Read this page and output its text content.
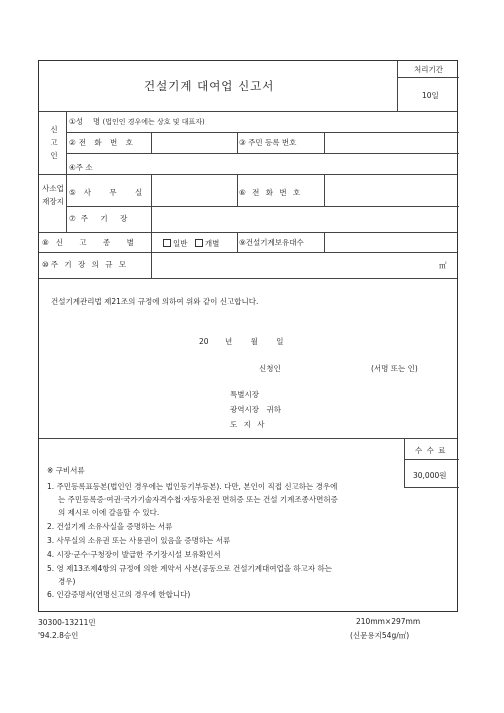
건설기계 대여업 신고서
처리기간
10일
신고인
①성　 명 (법인인 경우에는 상호 및 대표자)
②전 화 번 호	③ 주민 등록 번호
④주 소
사소업재장지
⑤사 무 실	⑥ 전 화 번 호
⑦주 기 장
⑧신 고 종 별	일반 개별	⑨건설기계보유대수
⑩주 기 장 의 규 모	㎡
건설기계관리법 제21조의 규정에 의하여 위와 같이 신고합니다.
20 년 월 일
신청인	(서명 또는 인)
특별시장
광역시장　귀하
도 지 사
수 수 료
30,000원
※ 구비서류
1. 주민등록표등본(법인인 경우에는 법인등기부등본). 다만, 본인이 직접 신고하는 경우에
는 주민등록증·여권·국가기술자격수첩·자동차운전 면허증 또는 건설 기계조종사면허증
의 제시로 이에 갈음할 수 있다.
2. 건설기계 소유사실을 증명하는 서류
3. 사무실의 소유권 또는 사용권이 있음을 증명하는 서류
4. 시장·군수·구청장이 발급한 주기장시설 보유확인서
5. 영 제13조제4항의 규정에 의한 계약서 사본(공동으로 건설기계대여업을 하고자 하는
경우)
6. 인감증명서(연명신고의 경우에 한합니다)
30300-13211민
'94.2.8승인
210mm×297mm
(신문용지54g/㎡)
